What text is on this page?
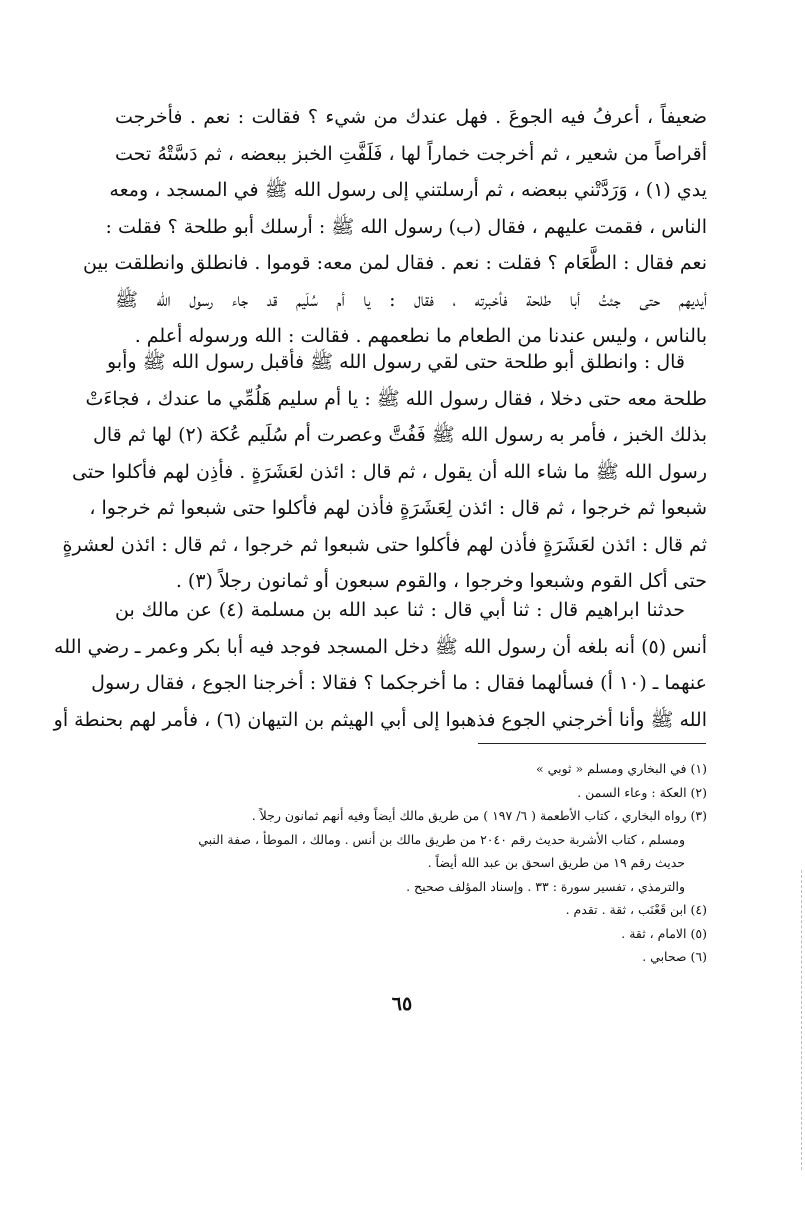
ضعيفاً ، أعرفُ فيه الجوعَ . فهل عندك من شيء ؟ فقالت : نعم . فأخرجت
أقراصاً من شعير ، ثم أخرجت خماراً لها ، فَلَفَّتِ الخبز ببعضه ، ثم دَسَّتْهُ تحت
يدي (١) ، وَرَدَّتْني ببعضه ، ثم أرسلتني إلى رسول الله ﷺ في المسجد ، ومعه
الناس ، فقمت عليهم ، فقال (ب) رسول الله ﷺ : أرسلك أبو طلحة ؟ فقلت :
نعم فقال : الطَّعَام ؟ فقلت : نعم . فقال لمن معه: قوموا . فانطلق وانطلقت بين
أيديهم حتى جئتُ أبا طلحة فأخبرته ، فقال : يا أم سُلَيم قد جاء رسول الله ﷺ
بالناس ، وليس عندنا من الطعام ما نطعمهم . فقالت : الله ورسوله أعلم .
قال : وانطلق أبو طلحة حتى لقي رسول الله ﷺ فأقبل رسول الله ﷺ وأبو
طلحة معه حتى دخلا ، فقال رسول الله ﷺ : يا أم سليم هَلُمِّي ما عندك ، فجاءَتْ
بذلك الخبز ، فأمر به رسول الله ﷺ فَفُتَّ وعصرت أم سُلَيم عُكة (٢) لها ثم قال
رسول الله ﷺ ما شاء الله أن يقول ، ثم قال : ائذن لعَشَرَةٍ . فأذِن لهم فأكلوا حتى
شبعوا ثم خرجوا ، ثم قال : ائذن لِعَشَرَةٍ فأذن لهم فأكلوا حتى شبعوا ثم خرجوا ،
ثم قال : ائذن لعَشَرَةٍ فأذن لهم فأكلوا حتى شبعوا ثم خرجوا ، ثم قال : ائذن لعشرةٍ
حتى أكل القوم وشبعوا وخرجوا ، والقوم سبعون أو ثمانون رجلاً (٣) .
حدثنا ابراهيم قال : ثنا أبي قال : ثنا عبد الله بن مسلمة (٤) عن مالك بن
أنس (٥) أنه بلغه أن رسول الله ﷺ دخل المسجد فوجد فيه أبا بكر وعمر ـ رضي الله
عنهما ـ (١٠ أ) فسألهما فقال : ما أخرجكما ؟ فقالا : أخرجنا الجوع ، فقال رسول
الله ﷺ وأنا أخرجني الجوع فذهبوا إلى أبي الهيثم بن التيهان (٦) ، فأمر لهم بحنطة أو
(١) في البخاري ومسلم « ثوبي »
(٢) العكة : وعاء السمن .
(٣) رواه البخاري ، كتاب الأطعمة ( ٦/ ١٩٧ ) من طريق مالك أيضاً وفيه أنهم ثمانون رجلاً .
ومسلم ، كتاب الأشربة حديث رقم ٢٠٤٠ من طريق مالك بن أنس . ومالك ، الموطأ ، صفة النبي
حديث رقم ١٩ من طريق اسحق بن عبد الله أيضاً .
والترمذي ، تفسير سورة : ٣٣ . وإسناد المؤلف صحيح .
(٤) ابن قَعْنَب ، ثقة . تقدم .
(٥) الامام ، ثقة .
(٦) صحابي .
٦٥
